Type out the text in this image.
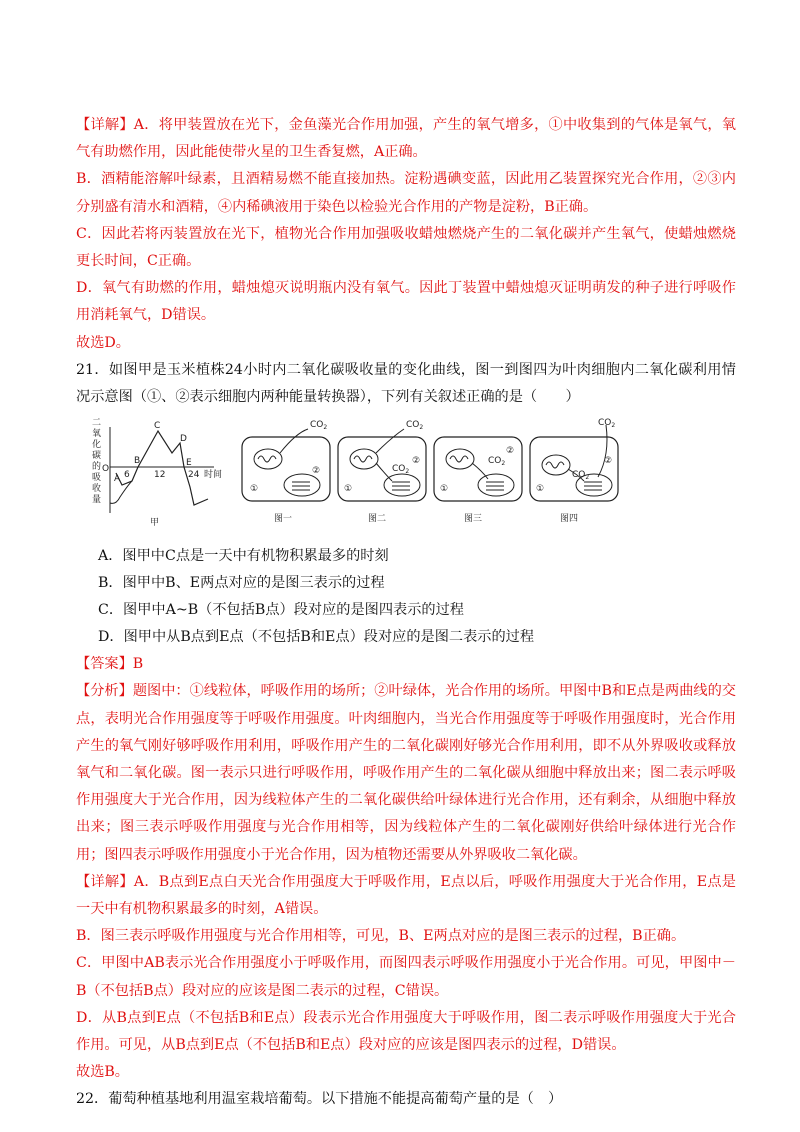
【详解】A．将甲装置放在光下，金鱼藻光合作用加强，产生的氧气增多，①中收集到的气体是氧气，氧气有助燃作用，因此能使带火星的卫生香复燃，A正确。

B．酒精能溶解叶绿素，且酒精易燃不能直接加热。淀粉遇碘变蓝，因此用乙装置探究光合作用，②③内分别盛有清水和酒精，④内稀碘液用于染色以检验光合作用的产物是淀粉，B正确。

C．因此若将丙装置放在光下，植物光合作用加强吸收蜡烛燃烧产生的二氧化碳并产生氧气，使蜡烛燃烧更长时间，C正确。

D．氧气有助燃的作用，蜡烛熄灭说明瓶内没有氧气。因此丁装置中蜡烛熄灭证明萌发的种子进行呼吸作用消耗氧气，D错误。

故选D。

21．如图甲是玉米植株24小时内二氧化碳吸收量的变化曲线，图一到图四为叶肉细胞内二氧化碳利用情况示意图（①、②表示细胞内两种能量转换器），下列有关叙述正确的是（　　）

二氧化碳的吸收量
O
A
B
C
D
E
6	12	24 时间
甲
$CO_2$
①
②
图一
$CO_2$
$CO_2$
①
②
图二
$CO_2$
①
②
图三
$CO_2$
$CO_2$
①
②
图四

A．图甲中C点是一天中有机物积累最多的时刻

B．图甲中B、E两点对应的是图三表示的过程

C．图甲中A~B（不包括B点）段对应的是图四表示的过程

D．图甲中从B点到E点（不包括B和E点）段对应的是图二表示的过程

【答案】B

【分析】题图中：①线粒体，呼吸作用的场所；②叶绿体，光合作用的场所。甲图中B和E点是两曲线的交点，表明光合作用强度等于呼吸作用强度。叶肉细胞内，当光合作用强度等于呼吸作用强度时，光合作用产生的氧气刚好够呼吸作用利用，呼吸作用产生的二氧化碳刚好够光合作用利用，即不从外界吸收或释放氧气和二氧化碳。图一表示只进行呼吸作用，呼吸作用产生的二氧化碳从细胞中释放出来；图二表示呼吸作用强度大于光合作用，因为线粒体产生的二氧化碳供给叶绿体进行光合作用，还有剩余，从细胞中释放出来；图三表示呼吸作用强度与光合作用相等，因为线粒体产生的二氧化碳刚好供给叶绿体进行光合作用；图四表示呼吸作用强度小于光合作用，因为植物还需要从外界吸收二氧化碳。

【详解】A．B点到E点白天光合作用强度大于呼吸作用，E点以后，呼吸作用强度大于光合作用，E点是一天中有机物积累最多的时刻，A错误。

B．图三表示呼吸作用强度与光合作用相等，可见，B、E两点对应的是图三表示的过程，B正确。

C．甲图中AB表示光合作用强度小于呼吸作用，而图四表示呼吸作用强度小于光合作用。可见，甲图中－B（不包括B点）段对应的应该是图二表示的过程，C错误。

D．从B点到E点（不包括B和E点）段表示光合作用强度大于呼吸作用，图二表示呼吸作用强度大于光合作用。可见，从B点到E点（不包括B和E点）段对应的应该是图四表示的过程，D错误。

故选B。

22．葡萄种植基地利用温室栽培葡萄。以下措施不能提高葡萄产量的是（　）
